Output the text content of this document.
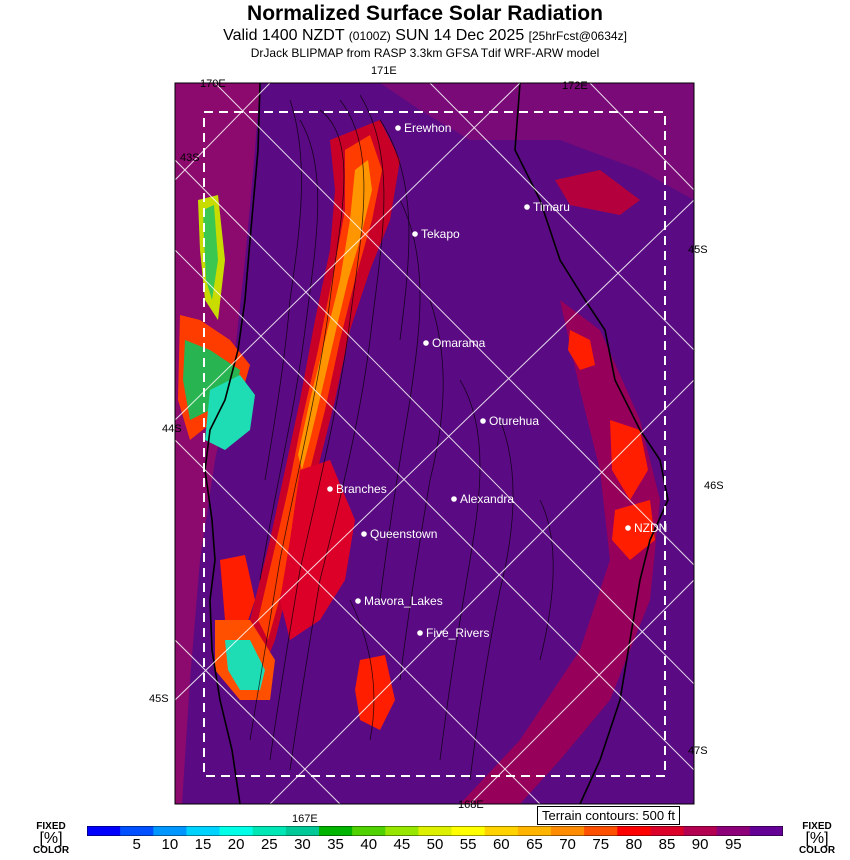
Normalized Surface Solar Radiation
Valid 1400 NZDT (0100Z) SUN 14 Dec 2025 [25hrFcst@0634z]
DrJack BLIPMAP from RASP 3.3km GFSA Tdif WRF-ARW model
Erewhon
Timaru
Tekapo
Omarama
Oturehua
Branches
Alexandra
NZDN
Queenstown
Mavora_Lakes
Five_Rivers
171E
170E	172E
43S
44S
45S
45S
46S
47S
168E
167E	Terrain contours: 500 ft
5 10 15 20 25 30 35 40 45 50 55 60 65 70 75 80 85 90 95
FIXED
[%]
COLOR
FIXED
[%]
COLOR
